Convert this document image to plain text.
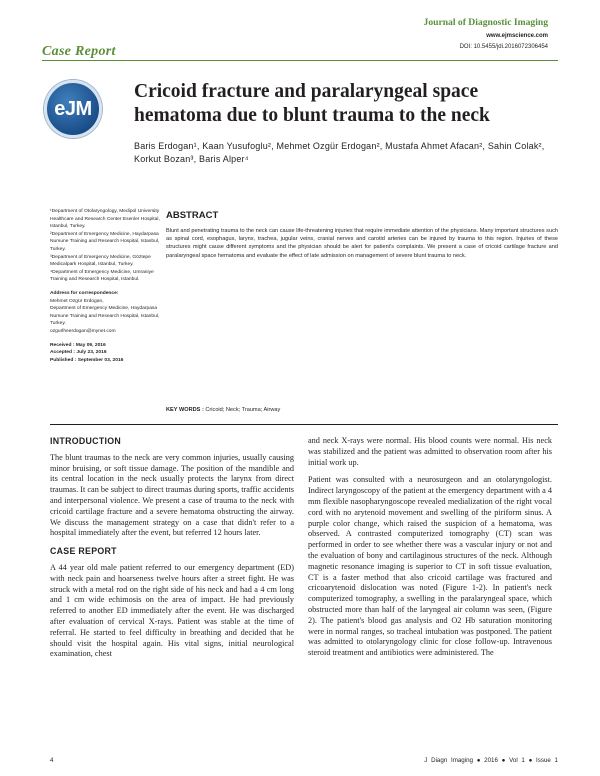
Journal of Diagnostic Imaging
www.ejmscience.com
DOI: 10.5455/jdi.2016072306454
Case Report
eJM
Cricoid fracture and paralaryngeal space hematoma due to blunt trauma to the neck
Baris Erdogan¹, Kaan Yusufoglu², Mehmet Ozgür Erdogan², Mustafa Ahmet Afacan², Sahin Colak², Korkut Bozan³, Baris Alper⁴
¹Department of Otolaryngology, Medipol University Healthcare and Research Center Esenler Hospital, Istanbul, Turkey.
²Department of Emergency Medicine, Haydarpasa Numune Training and Research Hospital, Istanbul, Turkey.
³Department of Emergency Medicine, Göztepe Medicalpark Hospital, Istanbul, Turkey.
⁴Department of Emergency Medicine, Umraniye Training and Research Hospital, Istanbul.
Address for correspondence:
Mehmet Ozgür Erdogan,
Department of Emergency Medicine, Haydarpasa Numune Training and Research Hospital, Istanbul, Turkey.
ozgurlheerdogan@mynet.com
Received : May 09, 2016
Accepted : July 23, 2016
Published : September 03, 2016
ABSTRACT

Blunt and penetrating trauma to the neck can cause life-threatening injuries that require immediate attention of the physicians. Many important structures such as spinal cord, esophagus, larynx, trachea, jugular veins, cranial nerves and carotid arteries can be injured by trauma to this region. Injuries of these structures might cause different symptoms and the physician should be alert for patient's complaints. We present a case of cricoid cartilage fracture and paralaryngeal space hematoma and evaluate the effect of late admission on management of severe blunt trauma to neck.

KEY WORDS : Cricoid; Neck; Trauma; Airway
INTRODUCTION

The blunt traumas to the neck are very common injuries, usually causing minor bruising, or soft tissue damage. The position of the mandible and its central location in the neck usually protects the larynx from direct traumas. It can be subject to direct traumas during sports, traffic accidents and interpersonal violence. We present a case of trauma to the neck with cricoid cartilage fracture and a severe hematoma obstructing the airway. We discuss the management strategy on a case that didn't refer to a hospital immediately after the event, but referred 12 hours later.

CASE REPORT

A 44 year old male patient referred to our emergency department (ED) with neck pain and hoarseness twelve hours after a street fight. He was struck with a metal rod on the right side of his neck and had a 4 cm long and 1 cm wide echimosis on the area of impact. He had previously referred to another ED immediately after the event. He was discharged after evaluation of cervical X-rays. Patient was stable at the time of referral. He started to feel difficulty in breathing and decided that he should visit the hospital again. His vital signs, initial neurological examination, chest

and neck X-rays were normal. His blood counts were normal. His neck was stabilized and the patient was admitted to observation room after his initial work up.

Patient was consulted with a neurosurgeon and an otolaryngologist. Indirect laryngoscopy of the patient at the emergency department with a 4 mm flexible nasopharyngoscope revealed medialization of the right vocal cord with no arytenoid movement and swelling of the piriform sinus. A purple color change, which raised the suspicion of a hematoma, was observed. A contrasted computerized tomography (CT) scan was performed in order to see whether there was a vascular injury or not and the evaluation of bony and cartilaginous structures of the neck. Although magnetic resonance imaging is superior to CT in soft tissue evaluation, CT is a faster method that also cricoid cartilage was fractured and cricoarytenoid dislocation was noted (Figure 1-2). In patient's neck computerized tomography, a swelling in the paralaryngeal space, which obstructed more than half of the laryngeal air column was seen, (Figure 2). The patient's blood gas analysis and O2 Hb saturation monitoring were in normal ranges, so tracheal intubation was postponed. The patient was admitted to otolaryngology clinic for close follow-up. Intravenous steroid treatment and antibiotics were administered. The

4	J Diagn Imaging ● 2016 ● Vol 1 ● Issue 1
